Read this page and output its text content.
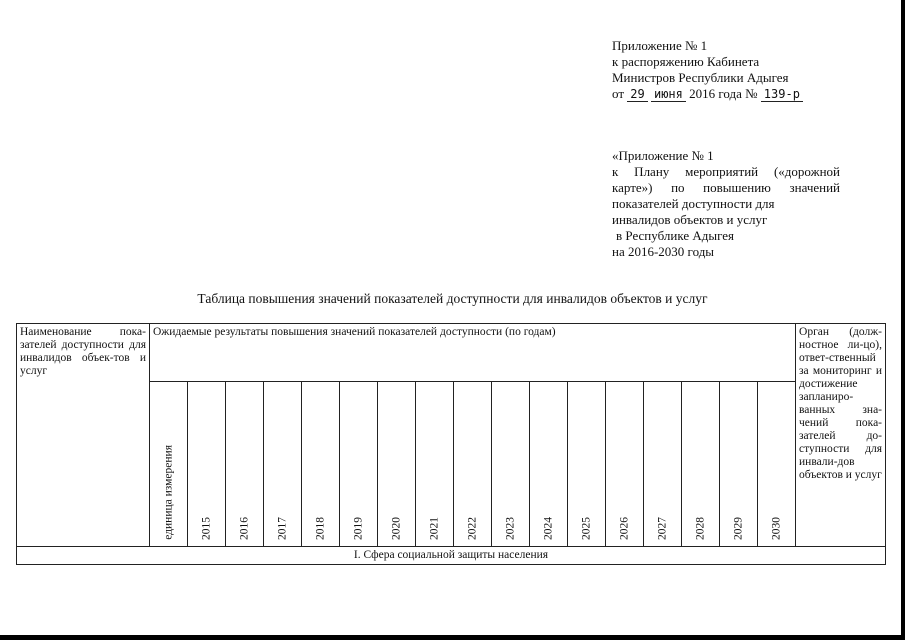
Приложение № 1
к распоряжению Кабинета
Министров Республики Адыгея
от 29 июня 2016 года № 139-р
«Приложение № 1
к Плану мероприятий («дорожной
карте») по повышению значений
показателей доступности для
инвалидов объектов и услуг
в Республике Адыгея
на 2016-2030 годы
Таблица повышения значений показателей доступности для инвалидов объектов и услуг
Наименование пока-зателей доступности для инвалидов объек-тов и услуг	Ожидаемые результаты повышения значений показателей доступности (по годам)																	Орган (долж-ностное ли-цо), ответ-ственный за мониторинг и достижение запланиро-ванных зна-чений пока-зателей до-ступности для инвали-дов объектов и услуг

	единица измерения	2015	2016	2017	2018	2019	2020	2021	2022	2023	2024	2025	2026	2027	2028	2029	2030	

I. Сфера социальной защиты населения																		
